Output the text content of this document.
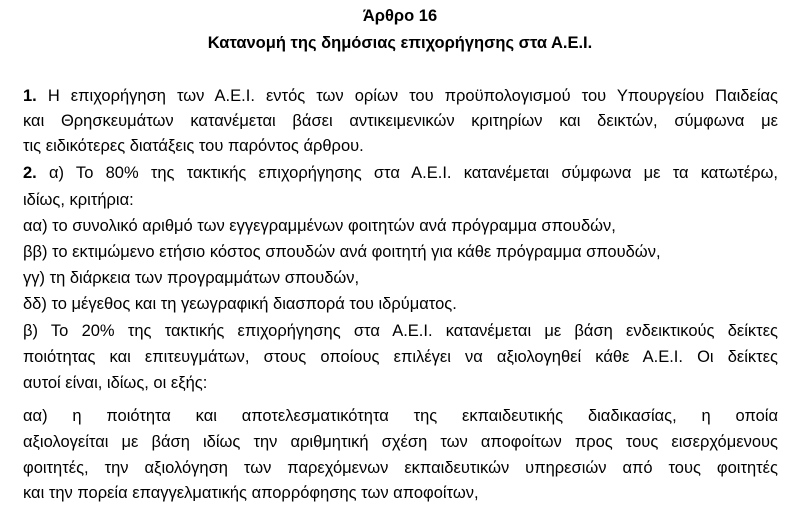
Άρθρο 16
Κατανομή της δημόσιας επιχορήγησης στα Α.Ε.Ι.
1. Η επιχορήγηση των Α.Ε.Ι. εντός των ορίων του προϋπολογισμού του Υπουργείου Παιδείας
και Θρησκευμάτων κατανέμεται βάσει αντικειμενικών κριτηρίων και δεικτών, σύμφωνα με
τις ειδικότερες διατάξεις του παρόντος άρθρου.
2. α) Το 80% της τακτικής επιχορήγησης στα Α.Ε.Ι. κατανέμεται σύμφωνα με τα κατωτέρω,
ιδίως, κριτήρια:
αα) το συνολικό αριθμό των εγγεγραμμένων φοιτητών ανά πρόγραμμα σπουδών,
ββ) το εκτιμώμενο ετήσιο κόστος σπουδών ανά φοιτητή για κάθε πρόγραμμα σπουδών,
γγ) τη διάρκεια των προγραμμάτων σπουδών,
δδ) το μέγεθος και τη γεωγραφική διασπορά του ιδρύματος.
β) Το 20% της τακτικής επιχορήγησης στα Α.Ε.Ι. κατανέμεται με βάση ενδεικτικούς δείκτες
ποιότητας και επιτευγμάτων, στους οποίους επιλέγει να αξιολογηθεί κάθε Α.Ε.Ι. Οι δείκτες
αυτοί είναι, ιδίως, οι εξής:
αα) η ποιότητα και αποτελεσματικότητα της εκπαιδευτικής διαδικασίας, η οποία
αξιολογείται με βάση ιδίως την αριθμητική σχέση των αποφοίτων προς τους εισερχόμενους
φοιτητές, την αξιολόγηση των παρεχόμενων εκπαιδευτικών υπηρεσιών από τους φοιτητές
και την πορεία επαγγελματικής απορρόφησης των αποφοίτων,
